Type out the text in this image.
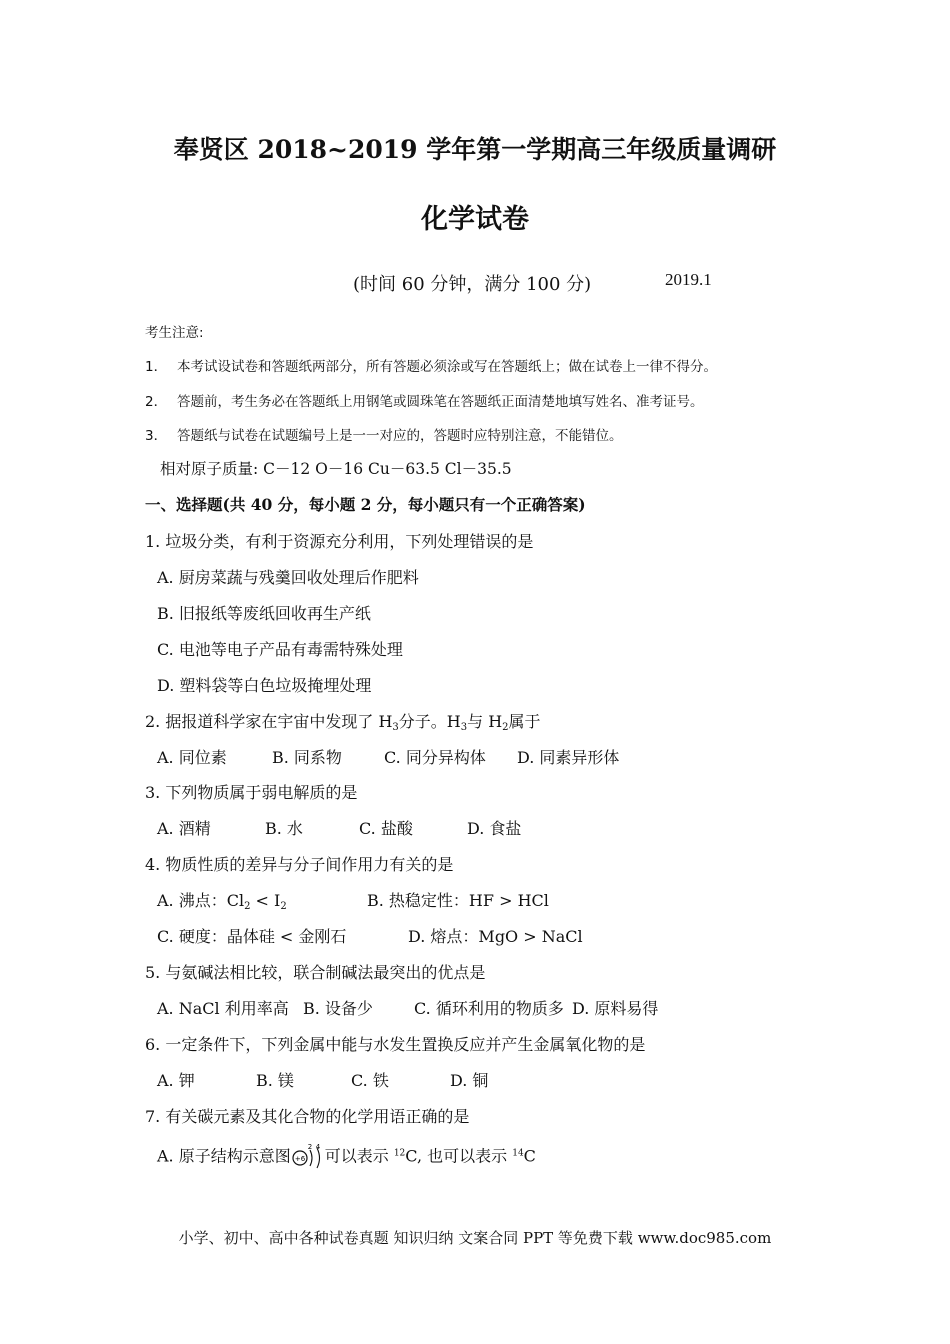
奉贤区 2018~2019 学年第一学期高三年级质量调研
化学试卷
(时间 60 分钟，满分 100 分)	2019.1
考生注意:
1． 本考试设试卷和答题纸两部分，所有答题必须涂或写在答题纸上；做在试卷上一律不得分。
2． 答题前，考生务必在答题纸上用钢笔或圆珠笔在答题纸正面清楚地填写姓名、准考证号。
3． 答题纸与试卷在试题编号上是一一对应的，答题时应特别注意，不能错位。
相对原子质量: C－12 O－16 Cu－63.5 Cl－35.5
一、选择题(共 40 分，每小题 2 分，每小题只有一个正确答案)
1. 垃圾分类，有利于资源充分利用，下列处理错误的是
A. 厨房菜蔬与残羹回收处理后作肥料
B. 旧报纸等废纸回收再生产纸
C. 电池等电子产品有毒需特殊处理
D. 塑料袋等白色垃圾掩埋处理
2. 据报道科学家在宇宙中发现了 $H_3$分子。$H_3$与 $H_2$属于
A. 同位素	B. 同系物	C. 同分异构体 D. 同素异形体
3. 下列物质属于弱电解质的是
A. 酒精	B. 水	C. 盐酸	D. 食盐
4. 物质性质的差异与分子间作用力有关的是
A. 沸点：$Cl_2 < I_2$	B. 热稳定性：HF > HCl
C. 硬度：晶体硅 < 金刚石	D. 熔点：MgO > NaCl
5. 与氨碱法相比较，联合制碱法最突出的优点是
A. NaCl 利用率高 B. 设备少	C. 循环利用的物质多 D. 原料易得
6. 一定条件下，下列金属中能与水发生置换反应并产生金属氧化物的是
A. 钾	B. 镁	C. 铁	D. 铜
7. 有关碳元素及其化合物的化学用语正确的是
A. 原子结构示意图 +6
2 4 可以表示 $^{12}$C, 也可以表示 $^{14}$C
小学、初中、高中各种试卷真题 知识归纳 文案合同 PPT 等免费下载 www.doc985.com
